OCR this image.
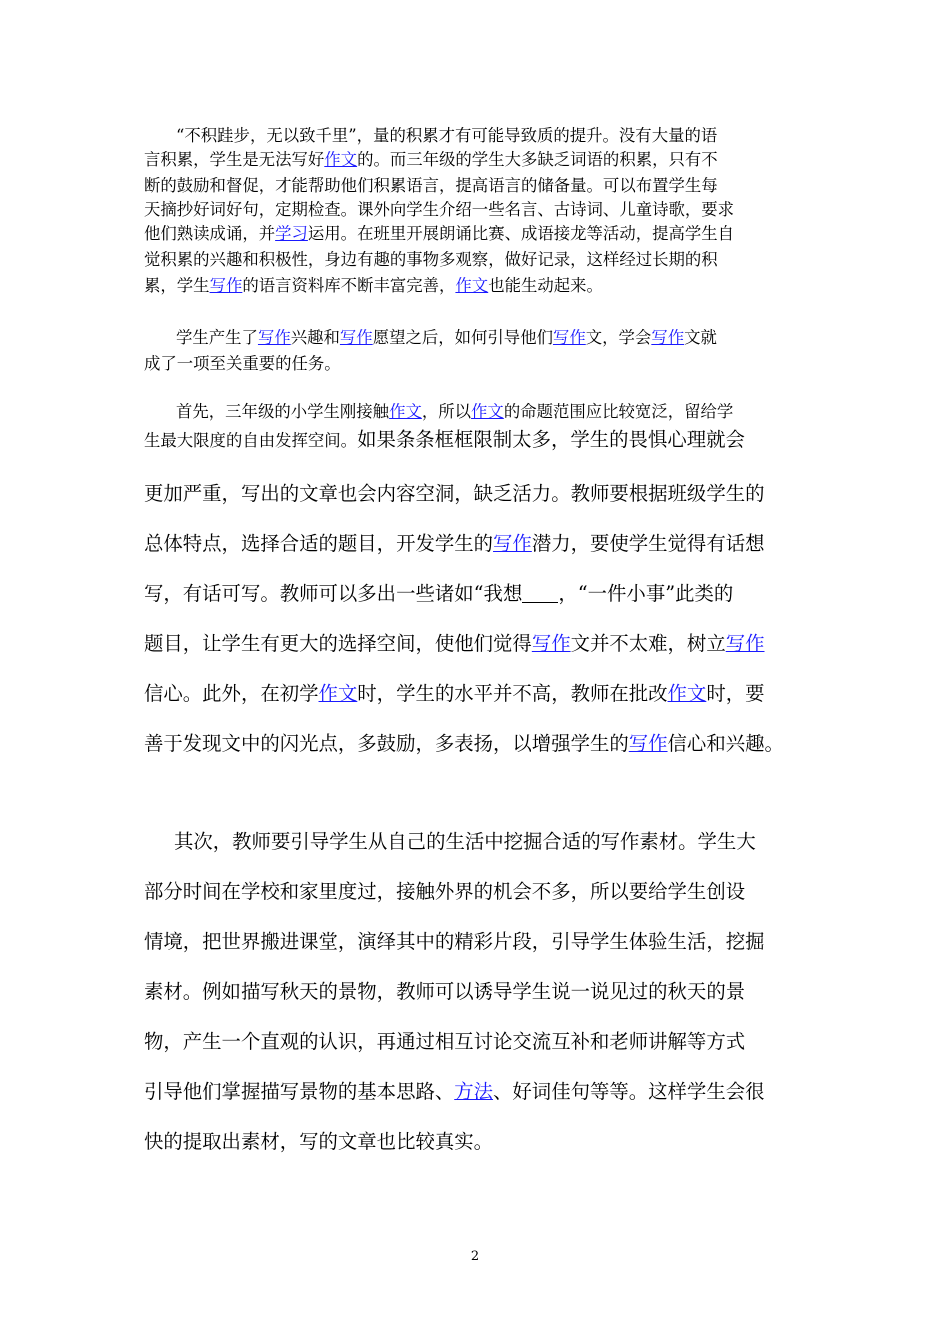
“不积跬步，无以致千里”，量的积累才有可能导致质的提升。没有大量的语
言积累，学生是无法写好作文的。而三年级的学生大多缺乏词语的积累，只有不
断的鼓励和督促，才能帮助他们积累语言，提高语言的储备量。可以布置学生每
天摘抄好词好句，定期检查。课外向学生介绍一些名言、古诗词、儿童诗歌，要求
他们熟读成诵，并学习运用。在班里开展朗诵比赛、成语接龙等活动，提高学生自
觉积累的兴趣和积极性，身边有趣的事物多观察，做好记录，这样经过长期的积
累，学生写作的语言资料库不断丰富完善，作文也能生动起来。
学生产生了写作兴趣和写作愿望之后，如何引导他们写作文，学会写作文就
成了一项至关重要的任务。
首先，三年级的小学生刚接触作文，所以作文的命题范围应比较宽泛，留给学
生最大限度的自由发挥空间。如果条条框框限制太多，学生的畏惧心理就会
更加严重，写出的文章也会内容空洞，缺乏活力。教师要根据班级学生的
总体特点，选择合适的题目，开发学生的写作潜力，要使学生觉得有话想
写，有话可写。教师可以多出一些诸如“我想 ，“一件小事”此类的
题目，让学生有更大的选择空间，使他们觉得写作文并不太难，树立写作
信心。此外，在初学作文时，学生的水平并不高，教师在批改作文时，要
善于发现文中的闪光点，多鼓励，多表扬，以增强学生的写作信心和兴趣。
其次，教师要引导学生从自己的生活中挖掘合适的写作素材。学生大
部分时间在学校和家里度过，接触外界的机会不多，所以要给学生创设
情境，把世界搬进课堂，演绎其中的精彩片段，引导学生体验生活，挖掘
素材。例如描写秋天的景物，教师可以诱导学生说一说见过的秋天的景
物，产生一个直观的认识，再通过相互讨论交流互补和老师讲解等方式
引导他们掌握描写景物的基本思路、方法、好词佳句等等。这样学生会很
快的提取出素材，写的文章也比较真实。
2
